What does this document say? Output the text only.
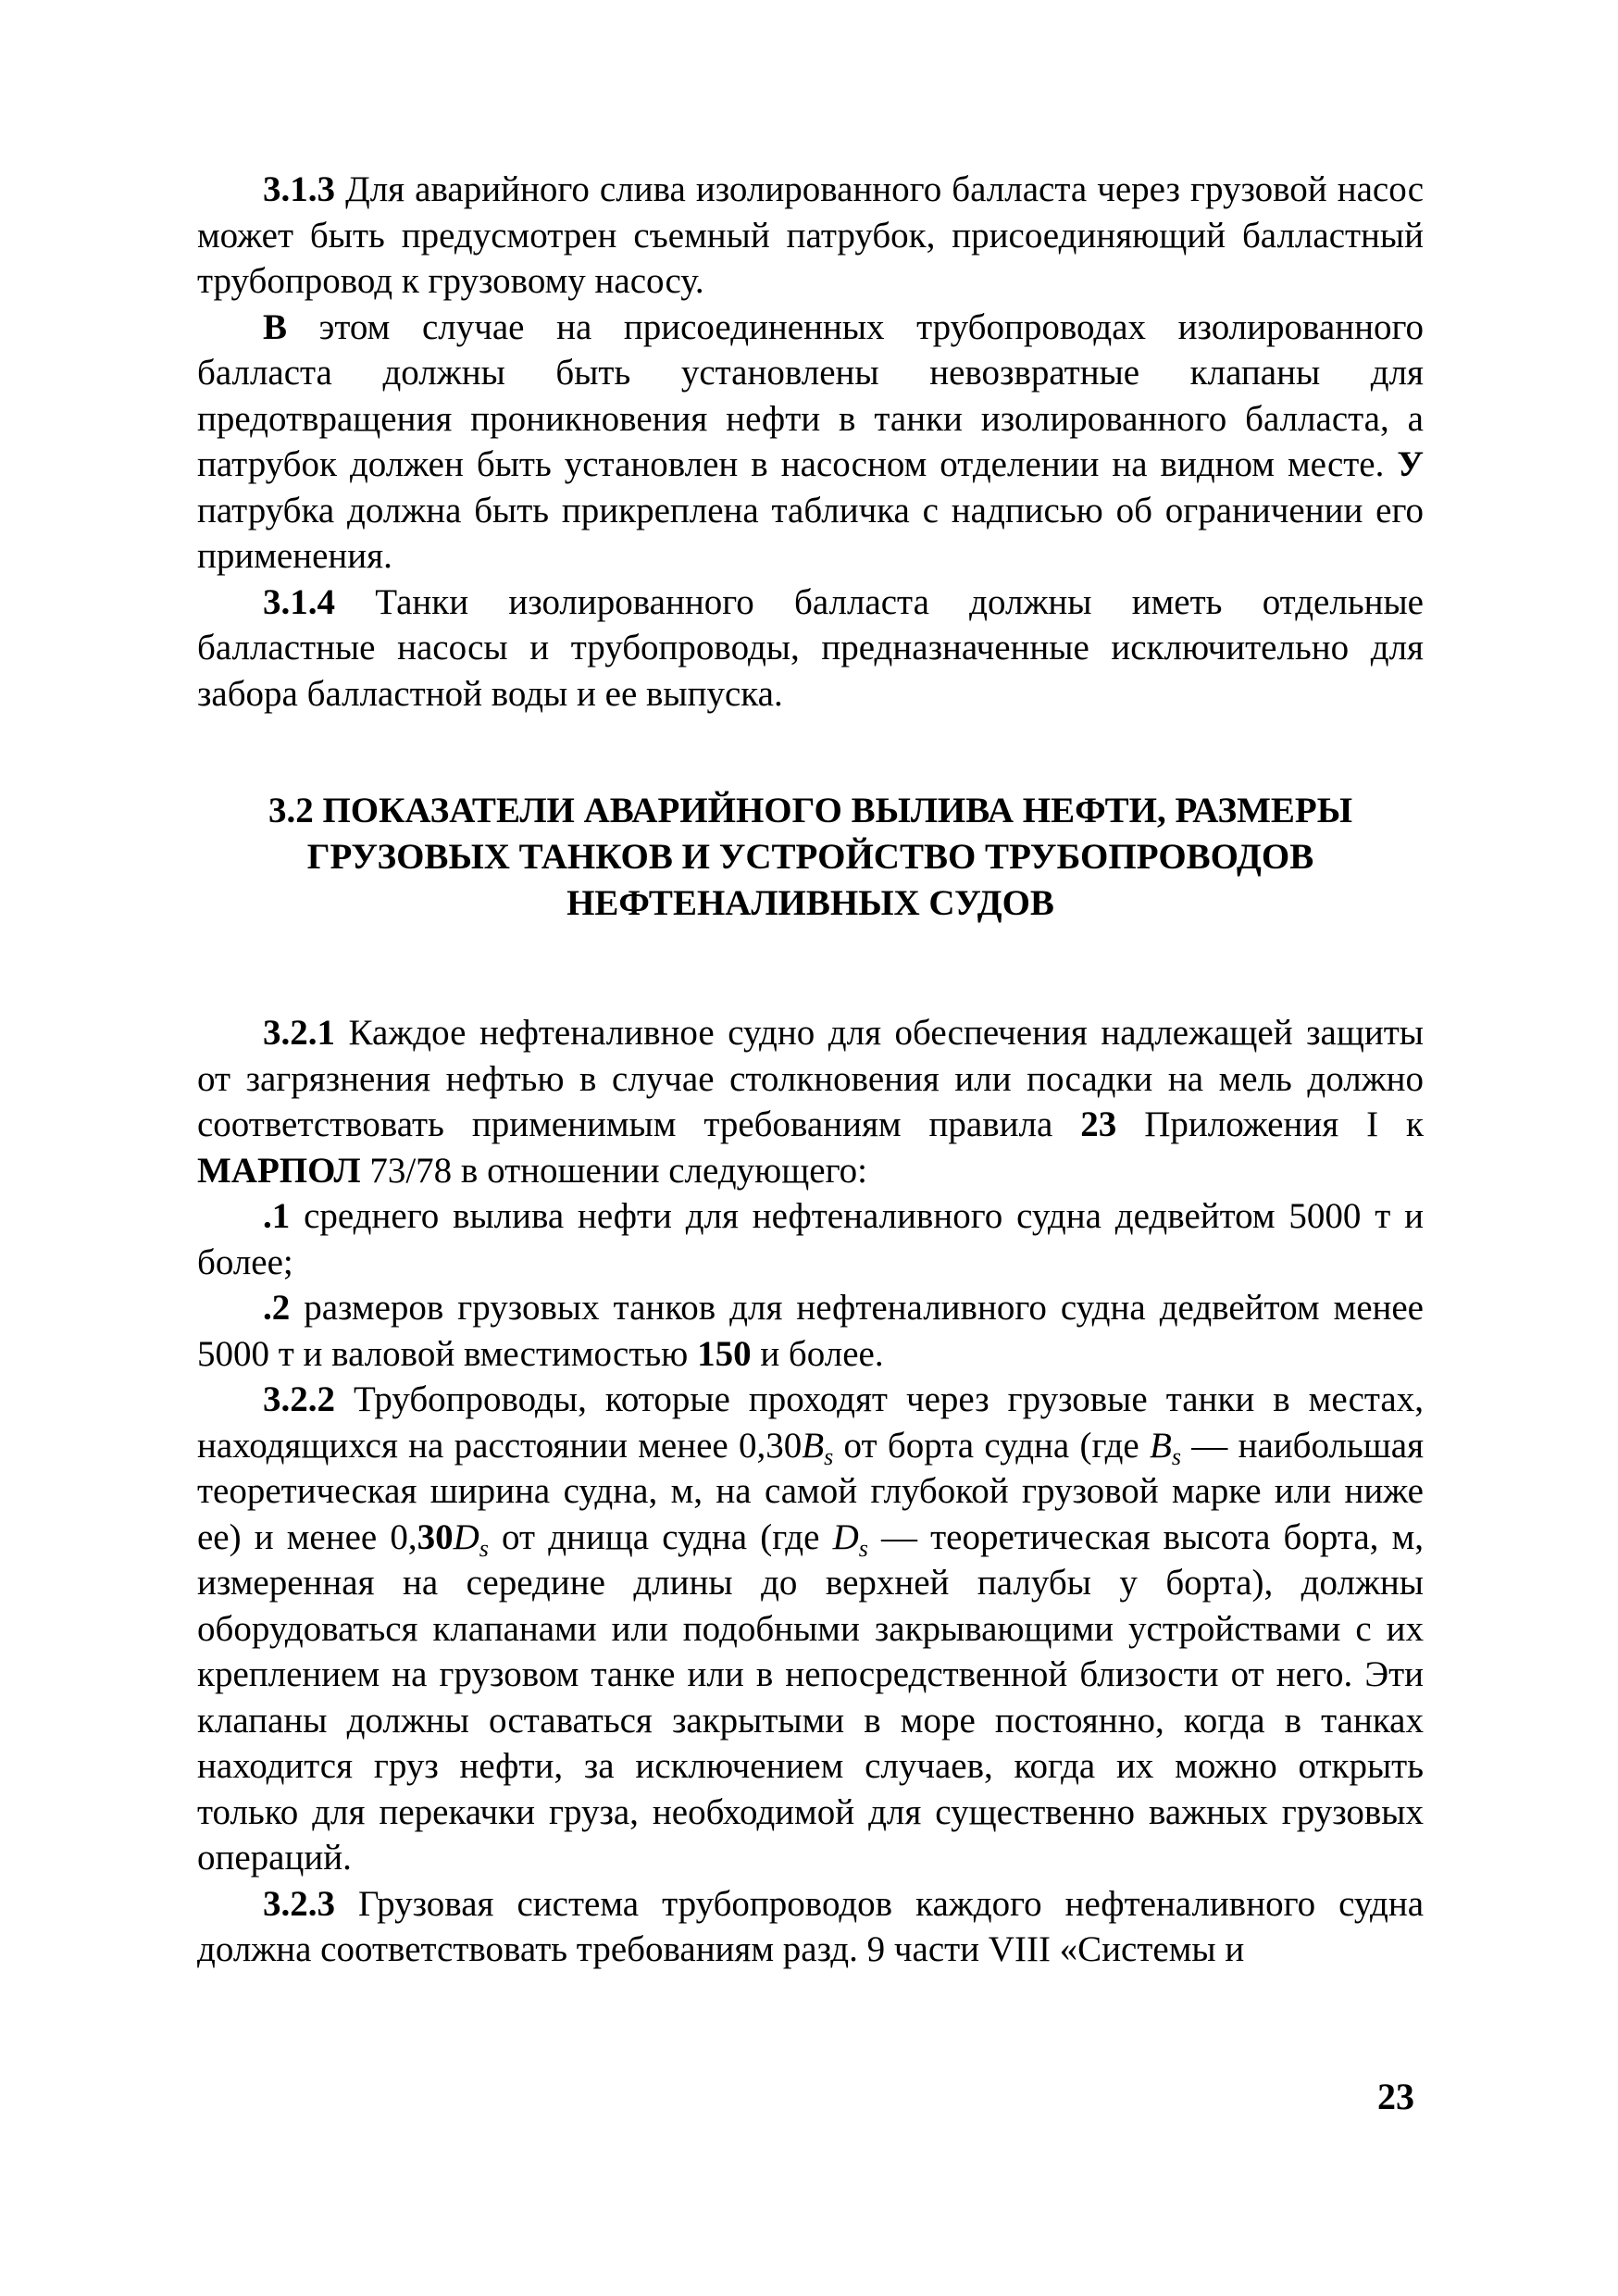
3.1.3 Для аварийного слива изолированного балласта через грузовой насос может быть предусмотрен съемный патрубок, присоединяющий балластный трубопровод к грузовому насосу.

В этом случае на присоединенных трубопроводах изолированного балласта должны быть установлены невозвратные клапаны для предотвращения проникновения нефти в танки изолированного балласта, а патрубок должен быть установлен в насосном отделении на видном месте. У патрубка должна быть прикреплена табличка с надписью об ограничении его применения.

3.1.4 Танки изолированного балласта должны иметь отдельные балластные насосы и трубопроводы, предназначенные исключительно для забора балластной воды и ее выпуска.

3.2 ПОКАЗАТЕЛИ АВАРИЙНОГО ВЫЛИВА НЕФТИ, РАЗМЕРЫ
ГРУЗОВЫХ ТАНКОВ И УСТРОЙСТВО ТРУБОПРОВОДОВ
НЕФТЕНАЛИВНЫХ СУДОВ

3.2.1 Каждое нефтеналивное судно для обеспечения надлежащей защиты от загрязнения нефтью в случае столкновения или посадки на мель должно соответствовать применимым требованиям правила 23 Приложения I к МАРПОЛ 73/78 в отношении следующего:

.1 среднего вылива нефти для нефтеналивного судна дедвейтом 5000 т и более;

.2 размеров грузовых танков для нефтеналивного судна дедвейтом менее 5000 т и валовой вместимостью 150 и более.

3.2.2 Трубопроводы, которые проходят через грузовые танки в местах, находящихся на расстоянии менее $0,30B_s$ от борта судна (где $B_s$ — наибольшая теоретическая ширина судна, м, на самой глубокой грузовой марке или ниже ее) и менее $0,30D_s$ от днища судна (где $D_s$ — теоретическая высота борта, м, измеренная на середине длины до верхней палубы у борта), должны оборудоваться клапанами или подобными закрывающими устройствами с их креплением на грузовом танке или в непосредственной близости от него. Эти клапаны должны оставаться закрытыми в море постоянно, когда в танках находится груз нефти, за исключением случаев, когда их можно открыть только для перекачки груза, необходимой для существенно важных грузовых операций.

3.2.3 Грузовая система трубопроводов каждого нефтеналивного судна должна соответствовать требованиям разд. 9 части VIII «Системы и

23
